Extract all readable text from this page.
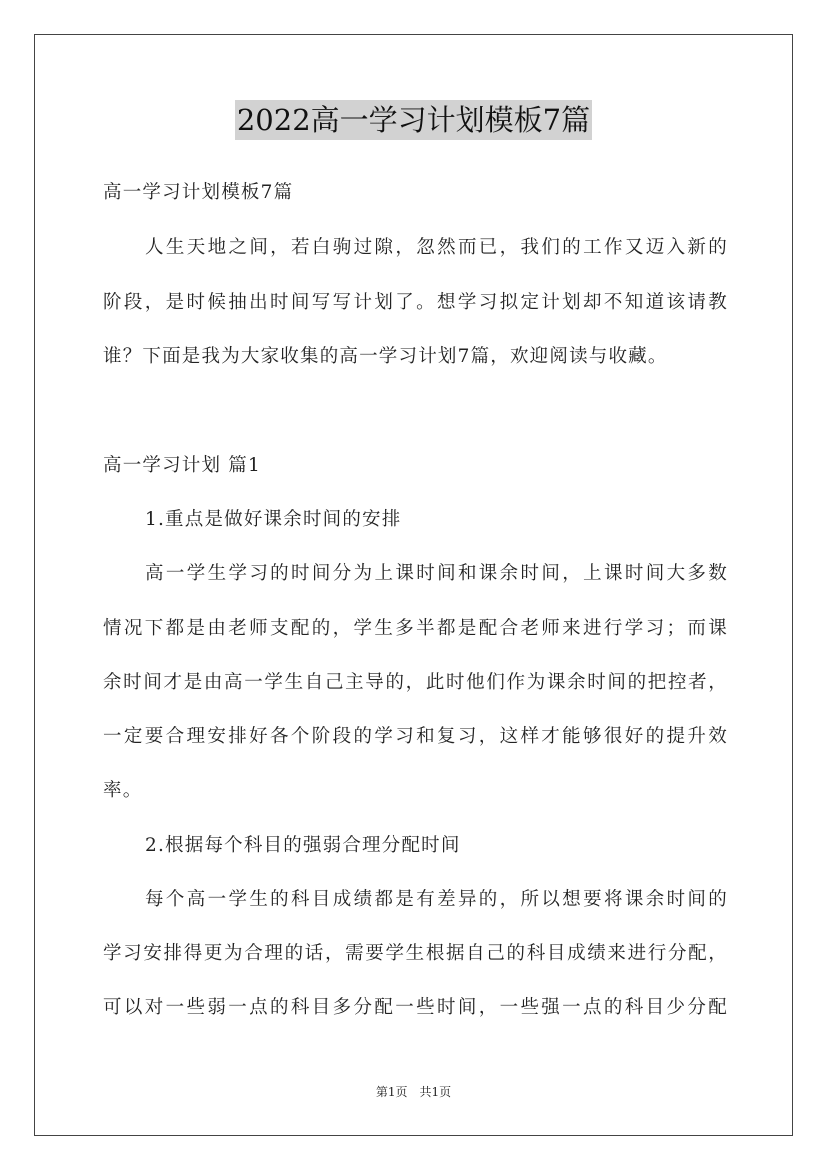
2022高一学习计划模板7篇
高一学习计划模板7篇
人生天地之间，若白驹过隙，忽然而已，我们的工作又迈入新的
阶段，是时候抽出时间写写计划了。想学习拟定计划却不知道该请教
谁？下面是我为大家收集的高一学习计划7篇，欢迎阅读与收藏。
高一学习计划 篇1
1.重点是做好课余时间的安排
高一学生学习的时间分为上课时间和课余时间，上课时间大多数
情况下都是由老师支配的，学生多半都是配合老师来进行学习；而课
余时间才是由高一学生自己主导的，此时他们作为课余时间的把控者，
一定要合理安排好各个阶段的学习和复习，这样才能够很好的提升效
率。
2.根据每个科目的强弱合理分配时间
每个高一学生的科目成绩都是有差异的，所以想要将课余时间的
学习安排得更为合理的话，需要学生根据自己的科目成绩来进行分配，
可以对一些弱一点的科目多分配一些时间，一些强一点的科目少分配
第1页　共1页
